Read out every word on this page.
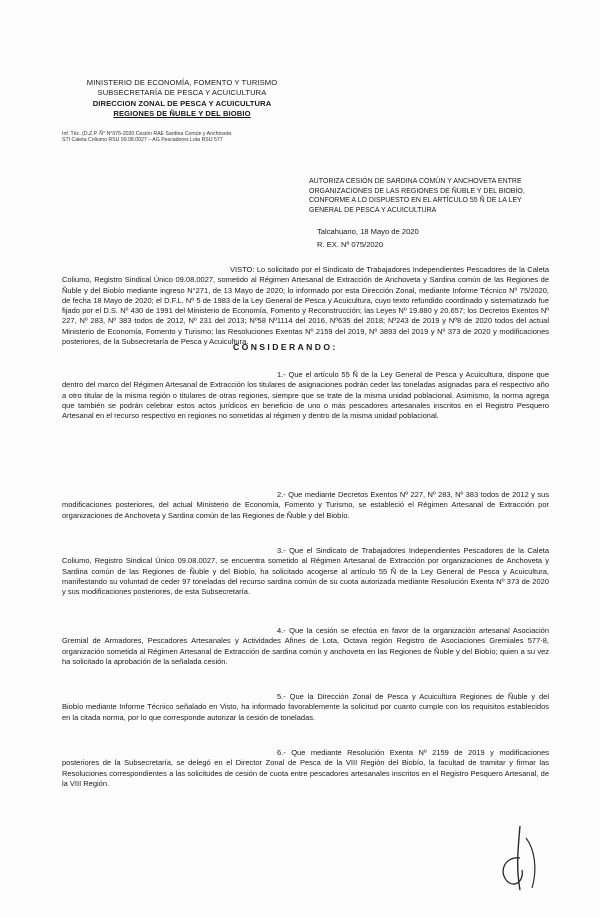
MINISTERIO DE ECONOMÍA, FOMENTO Y TURISMO
SUBSECRETARÍA DE PESCA Y ACUICULTURA
DIRECCION ZONAL DE PESCA Y ACUICULTURA
REGIONES DE ÑUBLE Y DEL BIOBIO
Inf. Téc. (D.Z.P. Ñ° N°075-2020 Cesión RAE Sardina Común y Anchoveta
STI Caleta Coliumo RSU 09.08.0027 – AG Pescadores Lota RSU 577
AUTORIZA CESIÓN DE SARDINA COMÚN Y ANCHOVETA ENTRE ORGANIZACIONES DE LAS REGIONES DE ÑUBLE Y DEL BIOBÍO, CONFORME A LO DISPUESTO EN EL ARTÍCULO 55 Ñ DE LA LEY GENERAL DE PESCA Y ACUICULTURA
Talcahuano, 18 Mayo de 2020
R. EX. Nº 075/2020
VISTO: Lo solicitado por el Sindicato de Trabajadores Independientes Pescadores de la Caleta Coliumo, Registro Sindical Único 09.08.0027, sometido al Régimen Artesanal de Extracción de Anchoveta y Sardina común de las Regiones de Ñuble y del Biobío mediante ingreso N°271, de 13 Mayo de 2020; lo informado por esta Dirección Zonal, mediante Informe Técnico Nº 75/2020, de fecha 18 Mayo de 2020; el D.F.L. Nº 5 de 1983 de la Ley General de Pesca y Acuicultura, cuyo texto refundido coordinado y sistematizado fue fijado por el D.S. Nº 430 de 1991 del Ministerio de Economía, Fomento y Reconstrucción; las Leyes Nº 19.880 y 20.657; los Decretos Exentos Nº 227, Nº 283, Nº 383 todos de 2012, Nº 231 del 2013; Nº58 Nº1114 del 2016, Nº635 del 2018; Nº243 de 2019 y Nº8 de 2020 todos del actual Ministerio de Economía, Fomento y Turismo; las Resoluciones Exentas Nº 2159 del 2019, Nº 3893 del 2019 y Nº 373 de 2020 y modificaciones posteriores, de la Subsecretaría de Pesca y Acuicultura.
CONSIDERANDO:
1.- Que el artículo 55 Ñ de la Ley General de Pesca y Acuicultura, dispone que dentro del marco del Régimen Artesanal de Extracción los titulares de asignaciones podrán ceder las toneladas asignadas para el respectivo año a otro titular de la misma región o titulares de otras regiones, siempre que se trate de la misma unidad poblacional. Asimismo, la norma agrega que también se podrán celebrar estos actos jurídicos en beneficio de uno o más pescadores artesanales inscritos en el Registro Pesquero Artesanal en el recurso respectivo en regiones no sometidas al régimen y dentro de la misma unidad poblacional.
2.- Que mediante Decretos Exentos Nº 227, Nº 283, Nº 383 todos de 2012 y sus modificaciones posteriores, del actual Ministerio de Economía, Fomento y Turismo, se estableció el Régimen Artesanal de Extracción por organizaciones de Anchoveta y Sardina común de las Regiones de Ñuble y del Biobío.
3.- Que el Sindicato de Trabajadores Independientes Pescadores de la Caleta Coliumo, Registro Sindical Único 09.08.0027, se encuentra sometido al Régimen Artesanal de Extracción por organizaciones de Anchoveta y Sardina común de las Regiones de Ñuble y del Biobío, ha solicitado acogerse al artículo 55 Ñ de la Ley General de Pesca y Acuicultura, manifestando su voluntad de ceder 97 toneladas del recurso sardina común de su cuota autorizada mediante Resolución Exenta Nº 373 de 2020 y sus modificaciones posteriores, de esta Subsecretaría.
4.- Que la cesión se efectúa en favor de la organización artesanal Asociación Gremial de Armadores, Pescadores Artesanales y Actividades Afines de Lota, Octava región Registro de Asociaciones Gremiales 577-8, organización sometida al Régimen Artesanal de Extracción de sardina común y anchoveta en las Regiones de Ñuble y del Biobío; quien a su vez ha solicitado la aprobación de la señalada cesión.
5.- Que la Dirección Zonal de Pesca y Acuicultura Regiones de Ñuble y del Biobío mediante Informe Técnico señalado en Visto, ha informado favorablemente la solicitud por cuanto cumple con los requisitos establecidos en la citada norma, por lo que corresponde autorizar la cesión de toneladas.
6.- Que mediante Resolución Exenta Nº 2159 de 2019 y modificaciones posteriores de la Subsecretaría, se delegó en el Director Zonal de Pesca de la VIII Región del Biobío, la facultad de tramitar y firmar las Resoluciones correspondientes a las solicitudes de cesión de cuota entre pescadores artesanales inscritos en el Registro Pesquero Artesanal, de la VIII Región.
